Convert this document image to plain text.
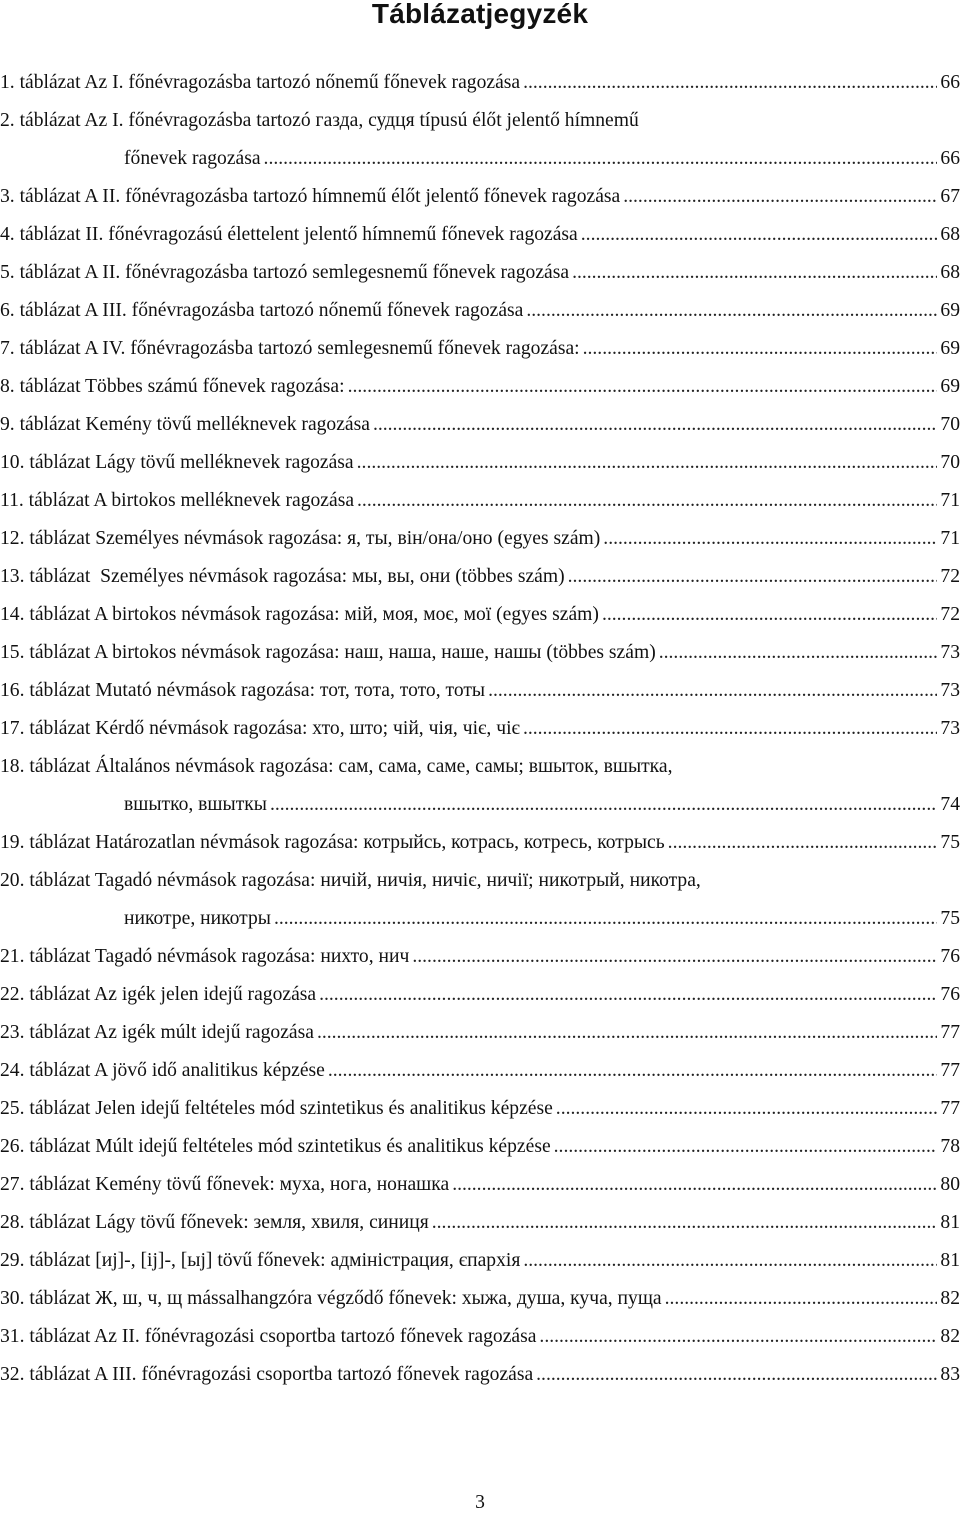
Táblázatjegyzék
1. táblázat Az I. főnévragozásba tartozó nőnemű főnevek ragozása .....	66
2. táblázat Az I. főnévragozásba tartozó газда, судця típusú élőt jelentő hímnemű
főnevek ragozása .....	66
3. táblázat A II. főnévragozásba tartozó hímnemű élőt jelentő főnevek ragozása .....	67
4. táblázat II. főnévragozású élettelent jelentő hímnemű főnevek ragozása .....	68
5. táblázat A II. főnévragozásba tartozó semlegesnemű főnevek ragozása .....	68
6. táblázat A III. főnévragozásba tartozó nőnemű főnevek ragozása .....	69
7. táblázat A IV. főnévragozásba tartozó semlegesnemű főnevek ragozása: .....	69
8. táblázat Többes számú főnevek ragozása: .....	69
9. táblázat Kemény tövű melléknevek ragozása .....	70
10. táblázat Lágy tövű melléknevek ragozása .....	70
11. táblázat A birtokos melléknevek ragozása .....	71
12. táblázat Személyes névmások ragozása: я, ты, він/она/оно (egyes szám) .....	71
13. táblázat  Személyes névmások ragozása: мы, вы, они (többes szám) .....	72
14. táblázat A birtokos névmások ragozása: мій, моя, моє, мої (egyes szám) .....	72
15. táblázat A birtokos névmások ragozása: наш, наша, наше, нашы (többes szám) .....	73
16. táblázat Mutató névmások ragozása: тот, тота, тото, тоты .....	73
17. táblázat Kérdő névmások ragozása: хто, што; чій, чія, чіє, чіє .....	73
18. táblázat Általános névmások ragozása: сам, сама, саме, самы; вшыток, вшытка,
вшытко, вшыткы .....	74
19. táblázat Határozatlan névmások ragozása: котрыйсь, котрась, котресь, котрысь .....	75
20. táblázat Tagadó névmások ragozása: ничій, ничія, ничіє, ничії; никотрый, никотра,
никотре, никотры .....	75
21. táblázat Tagadó névmások ragozása: нихто, нич .....	76
22. táblázat Az igék jelen idejű ragozása .....	76
23. táblázat Az igék múlt idejű ragozása .....	77
24. táblázat A jövő idő analitikus képzése .....	77
25. táblázat Jelen idejű feltételes mód szintetikus és analitikus képzése .....	77
26. táblázat Múlt idejű feltételes mód szintetikus és analitikus képzése .....	78
27. táblázat Kemény tövű főnevek: муха, нога, нонашка .....	80
28. táblázat Lágy tövű főnevek: земля, хвиля, синиця .....	81
29. táblázat [иj]-, [ij]-, [ыj] tövű főnevek: адміністрация, єпархія .....	81
30. táblázat Ж, ш, ч, щ mássalhangzóra végződő főnevek: хыжа, душа, куча, пуща .....	82
31. táblázat Az II. főnévragozási csoportba tartozó főnevek ragozása .....	82
32. táblázat A III. főnévragozási csoportba tartozó főnevek ragozása .....	83
3
